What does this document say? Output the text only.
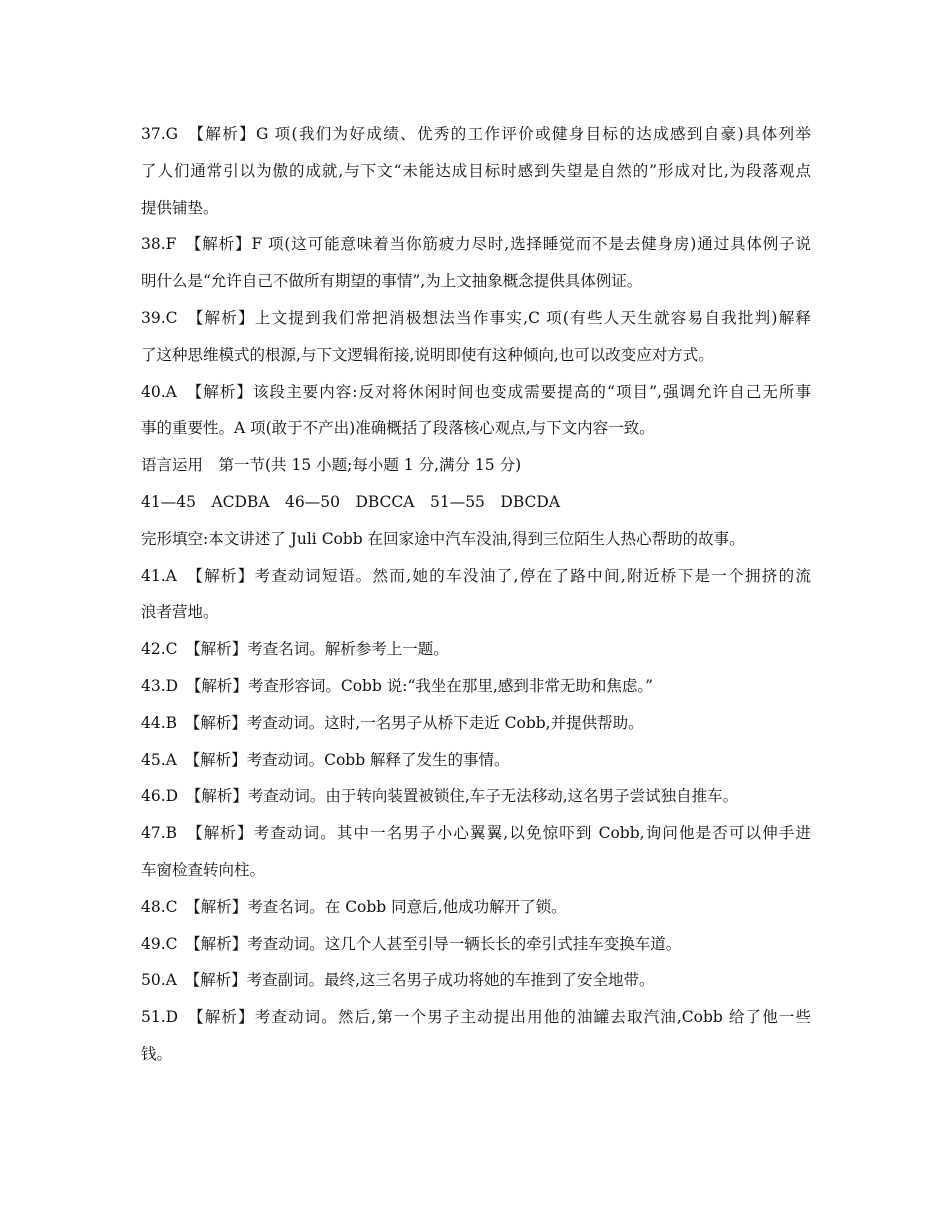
37.G　【解析】G 项(我们为好成绩、优秀的工作评价或健身目标的达成感到自豪)具体列举
了人们通常引以为傲的成就,与下文“未能达成目标时感到失望是自然的”形成对比,为段落观点
提供铺垫。
38.F　【解析】F 项(这可能意味着当你筋疲力尽时,选择睡觉而不是去健身房)通过具体例子说
明什么是“允许自己不做所有期望的事情”,为上文抽象概念提供具体例证。
39.C　【解析】上文提到我们常把消极想法当作事实,C 项(有些人天生就容易自我批判)解释
了这种思维模式的根源,与下文逻辑衔接,说明即使有这种倾向,也可以改变应对方式。
40.A　【解析】该段主要内容:反对将休闲时间也变成需要提高的“项目”,强调允许自己无所事
事的重要性。A 项(敢于不产出)准确概括了段落核心观点,与下文内容一致。
语言运用　第一节(共 15 小题;每小题 1 分,满分 15 分)
41—45　ACDBA　46—50　DBCCA　51—55　DBCDA
完形填空:本文讲述了 Juli Cobb 在回家途中汽车没油,得到三位陌生人热心帮助的故事。
41.A　【解析】考查动词短语。然而,她的车没油了,停在了路中间,附近桥下是一个拥挤的流
浪者营地。
42.C　【解析】考查名词。解析参考上一题。
43.D　【解析】考查形容词。Cobb 说:“我坐在那里,感到非常无助和焦虑。”
44.B　【解析】考查动词。这时,一名男子从桥下走近 Cobb,并提供帮助。
45.A　【解析】考查动词。Cobb 解释了发生的事情。
46.D　【解析】考查动词。由于转向装置被锁住,车子无法移动,这名男子尝试独自推车。
47.B　【解析】考查动词。其中一名男子小心翼翼,以免惊吓到 Cobb,询问他是否可以伸手进
车窗检查转向柱。
48.C　【解析】考查名词。在 Cobb 同意后,他成功解开了锁。
49.C　【解析】考查动词。这几个人甚至引导一辆长长的牵引式挂车变换车道。
50.A　【解析】考查副词。最终,这三名男子成功将她的车推到了安全地带。
51.D　【解析】考查动词。然后,第一个男子主动提出用他的油罐去取汽油,Cobb 给了他一些
钱。
